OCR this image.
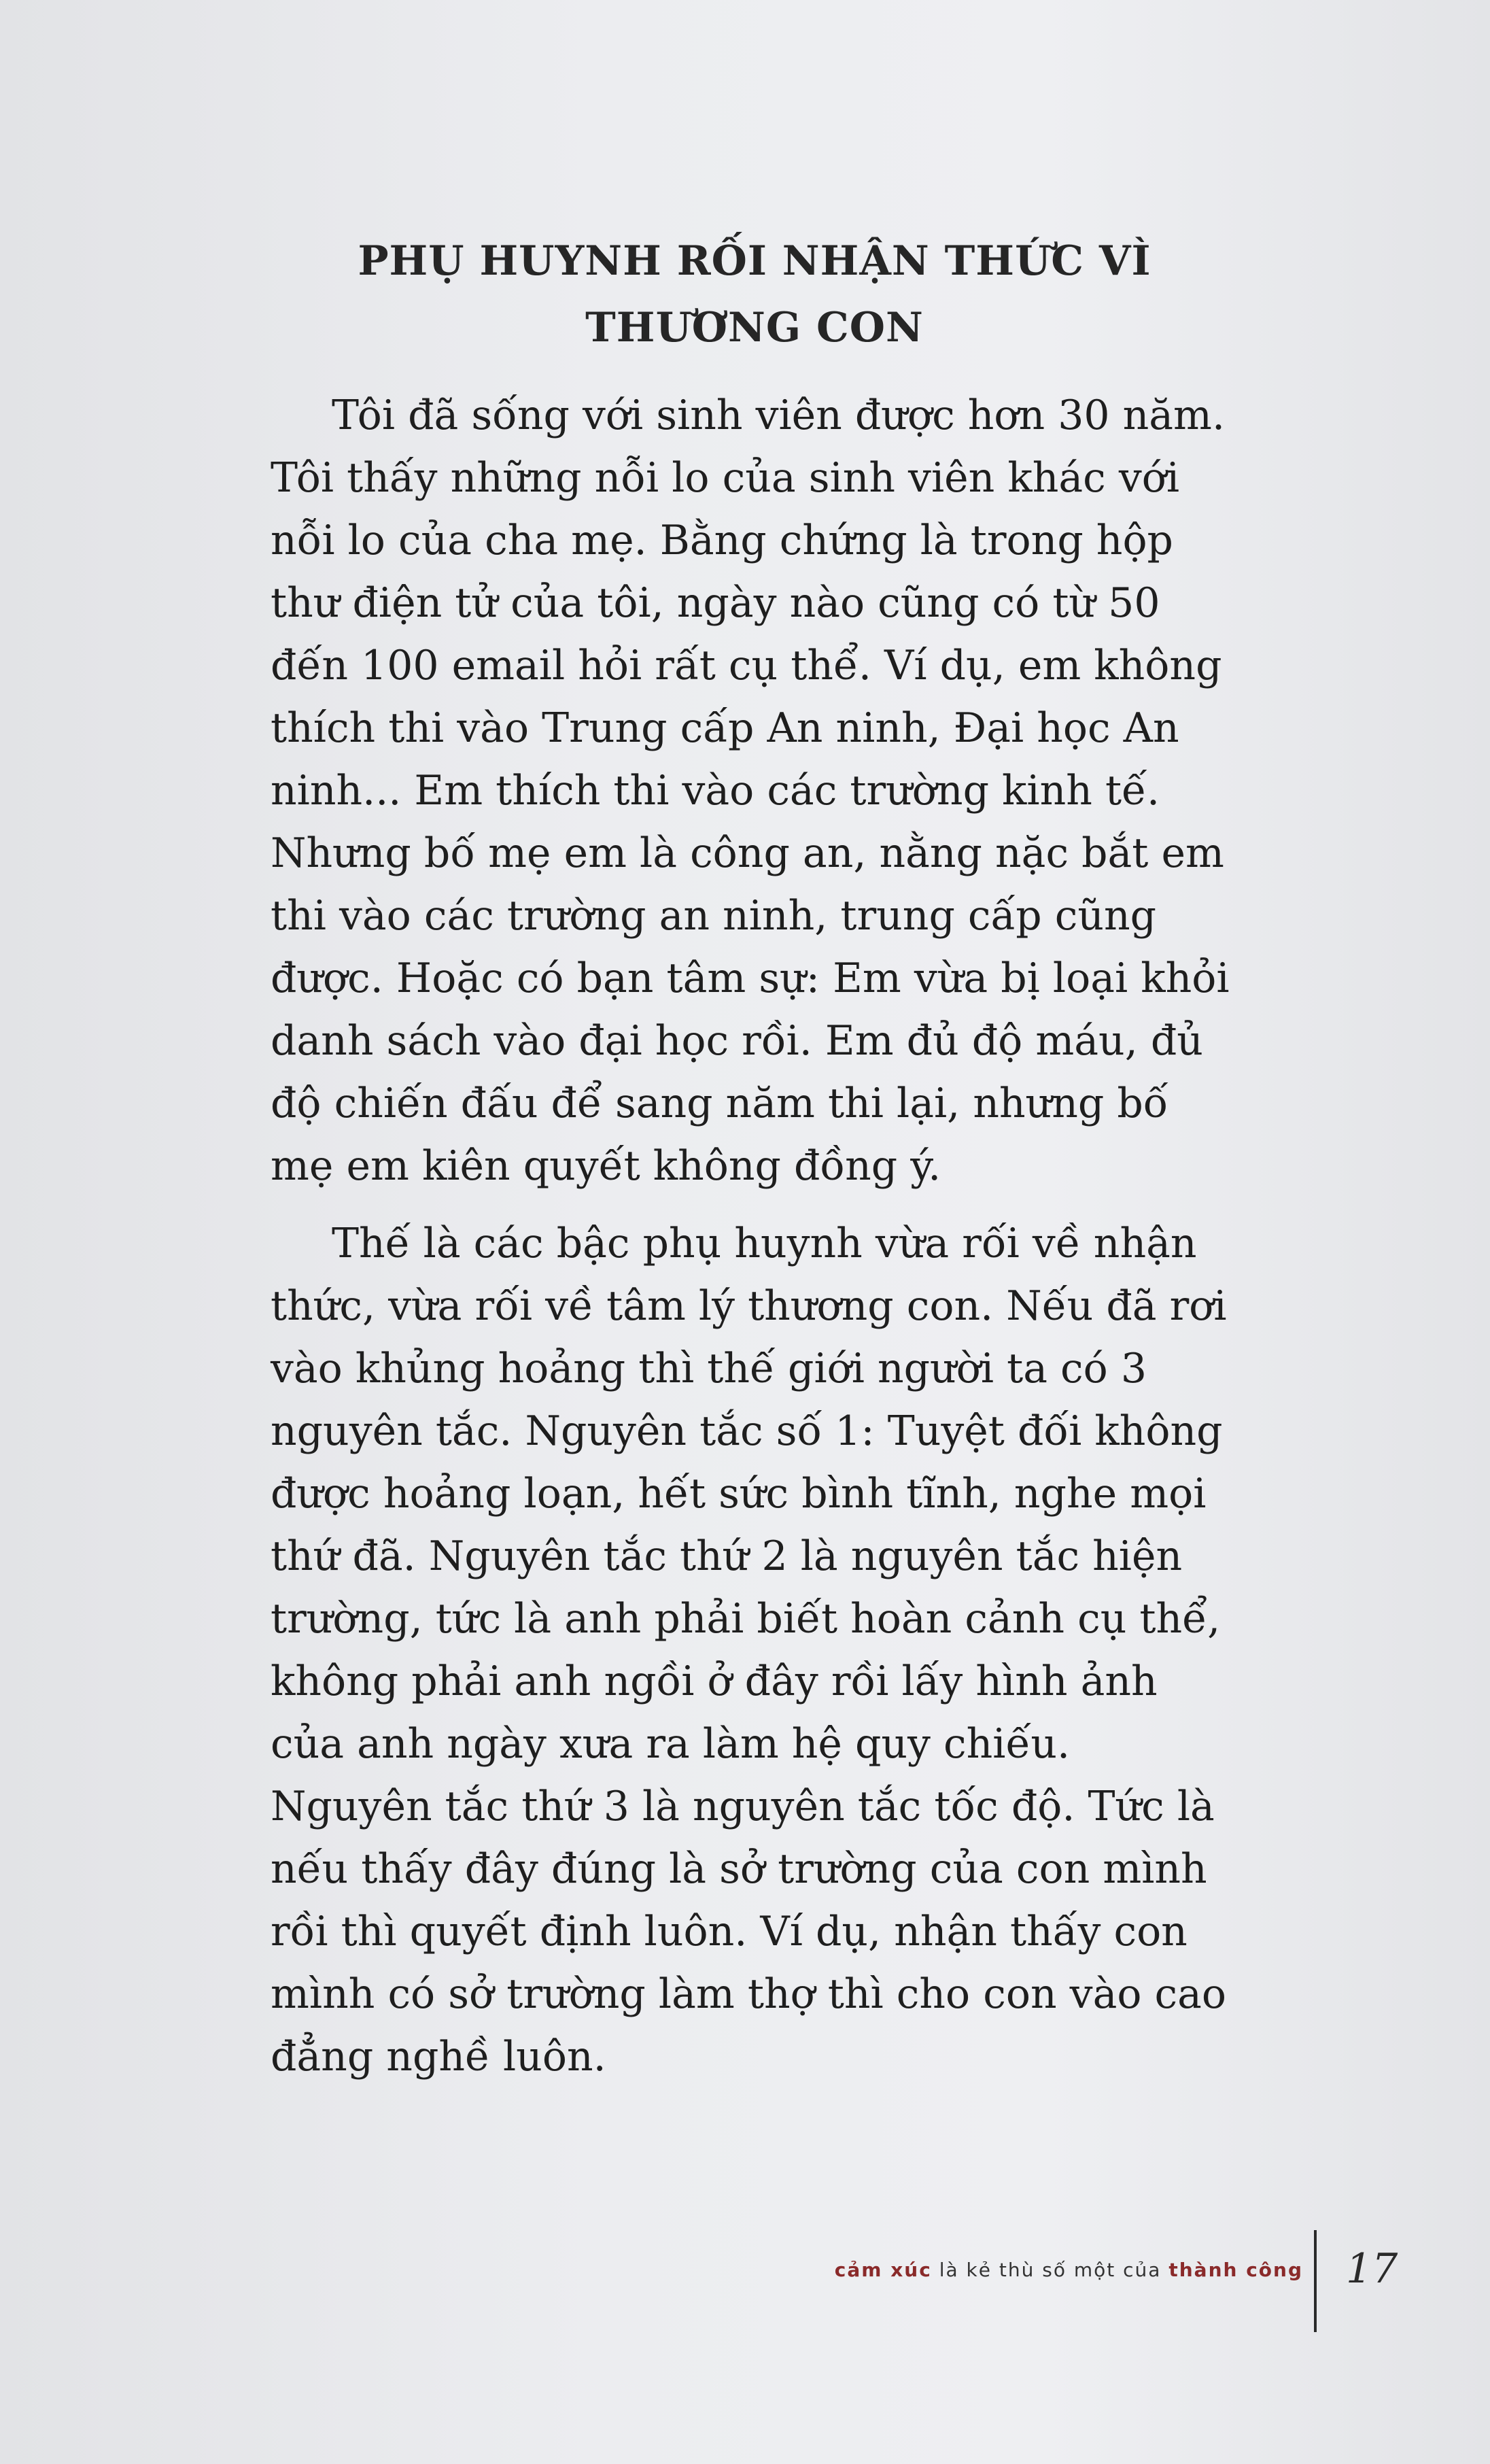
PHỤ HUYNH RỐI NHẬN THỨC VÌ
THƯƠNG CON
Tôi đã sống với sinh viên được hơn 30 năm.
Tôi thấy những nỗi lo của sinh viên khác với
nỗi lo của cha mẹ. Bằng chứng là trong hộp
thư điện tử của tôi, ngày nào cũng có từ 50
đến 100 email hỏi rất cụ thể. Ví dụ, em không
thích thi vào Trung cấp An ninh, Đại học An
ninh... Em thích thi vào các trường kinh tế.
Nhưng bố mẹ em là công an, nằng nặc bắt em
thi vào các trường an ninh, trung cấp cũng
được. Hoặc có bạn tâm sự: Em vừa bị loại khỏi
danh sách vào đại học rồi. Em đủ độ máu, đủ
độ chiến đấu để sang năm thi lại, nhưng bố
mẹ em kiên quyết không đồng ý.
Thế là các bậc phụ huynh vừa rối về nhận
thức, vừa rối về tâm lý thương con. Nếu đã rơi
vào khủng hoảng thì thế giới người ta có 3
nguyên tắc. Nguyên tắc số 1: Tuyệt đối không
được hoảng loạn, hết sức bình tĩnh, nghe mọi
thứ đã. Nguyên tắc thứ 2 là nguyên tắc hiện
trường, tức là anh phải biết hoàn cảnh cụ thể,
không phải anh ngồi ở đây rồi lấy hình ảnh
của anh ngày xưa ra làm hệ quy chiếu.
Nguyên tắc thứ 3 là nguyên tắc tốc độ. Tức là
nếu thấy đây đúng là sở trường của con mình
rồi thì quyết định luôn. Ví dụ, nhận thấy con
mình có sở trường làm thợ thì cho con vào cao
đẳng nghề luôn.
cảm xúc là kẻ thù số một của thành công 17
